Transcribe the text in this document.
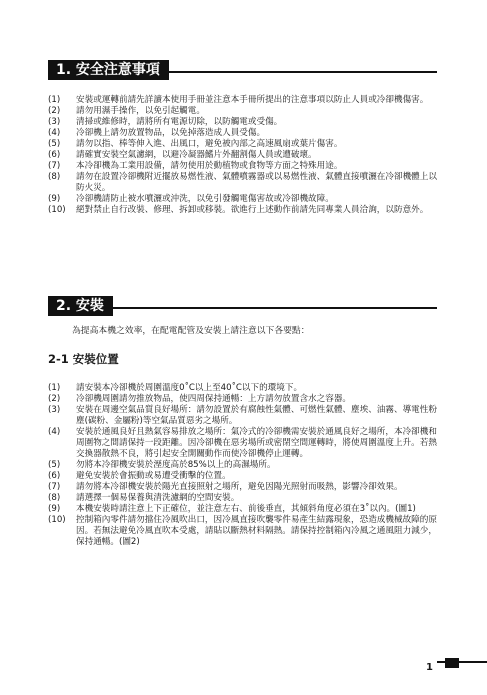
1. 安全注意事項
(1)	安裝或運轉前請先詳讀本使用手冊並注意本手冊所提出的注意事項以防止人員或冷卻機傷害。
(2)	請勿用濕手操作，以免引起觸電。
(3)	清掃或維修時，請將所有電源切除，以防觸電或受傷。
(4)	冷卻機上請勿放置物品，以免掉落造成人員受傷。
(5)	請勿以指、棒等伸入進、出風口，避免被內部之高速風扇或葉片傷害。
(6)	請確實安裝空氣濾網，以避冷凝器鰭片外翻割傷人員或遭破壞。
(7)	本冷卻機為工業用設備，請勿使用於動植物或食物等方面之特殊用途。
(8)	請勿在設置冷卻機附近擺放易燃性液、氣體噴霧器或以易燃性液、氣體直接噴灑在冷卻機體上以防火災。
(9)	冷卻機請防止被水噴灑或沖洗，以免引發觸電傷害故或冷卻機故障。
(10)	絕對禁止自行改裝、修理、拆卸或移裝。欲進行上述動作前請先同專業人員洽詢，以防意外。
2. 安裝
為提高本機之效率，在配電配管及安裝上請注意以下各要點：
2-1 安裝位置
(1)	請安裝本冷卻機於周圍溫度0˚C以上至40˚C以下的環境下。
(2)	冷卻機周圍請勿推放物品，使四周保持通暢：上方請勿放置含水之容器。
(3)	安裝在周邊空氣品質良好場所：請勿設置於有腐蝕性氣體、可燃性氣體、塵埃、油霧、導電性粉塵(碳粉、金屬粉)等空氣品質惡劣之場所。
(4)	安裝於通風良好且熱氣容易排放之場所：氣冷式的冷卻機需安裝於通風良好之場所，本冷卻機和周圍物之間請保持一段距離。因冷卻機在惡劣場所或密閉空間運轉時，將使周圍溫度上升。若熱交換器散熱不良，將引起安全開關動作而使冷卻機停止運轉。
(5)	勿將本冷卻機安裝於溼度高於85%以上的高濕場所。
(6)	避免安裝於會振動或易遭受衝擊的位置。
(7)	請勿將本冷卻機安裝於陽光直接照射之場所，避免因陽光照射而吸熱，影響冷卻效果。
(8)	請選擇一個易保養與清洗濾網的空間安裝。
(9)	本機安裝時請注意上下正確位，並注意左右、前後垂直，其傾斜角度必須在3˚以內。(圖1)
(10)	控制箱內零件請勿擋住冷風吹出口，因冷風直接吹襲零件易產生結露現象，恐造成機械故障的原因。若無法避免冷風直吹本受處，請貼以斷熱材料隔熱。請保持控制箱內冷風之通風阻力減少，保持通暢。(圖2)
1
